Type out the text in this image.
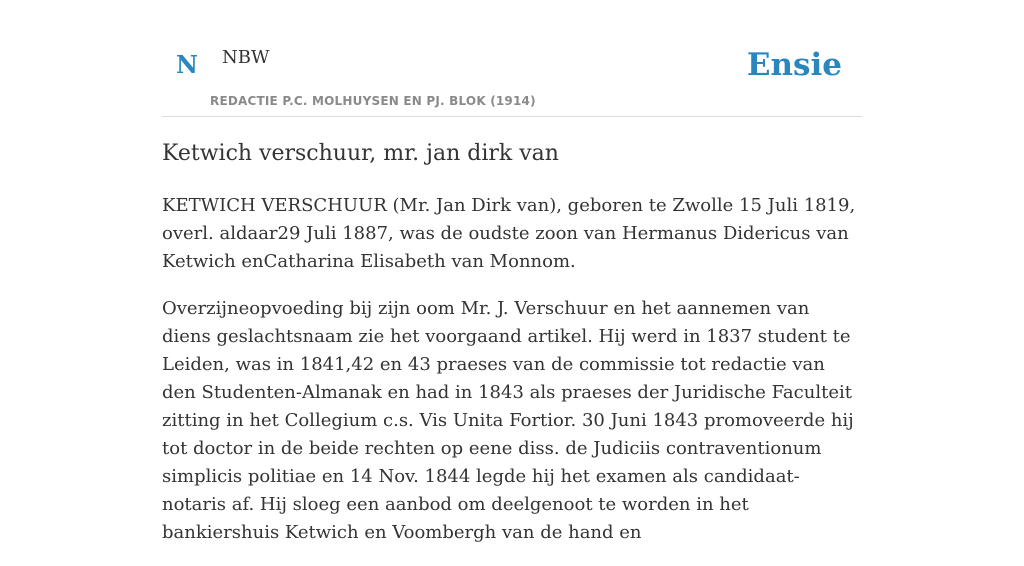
N NBW
REDACTIE P.C. MOLHUYSEN EN PJ. BLOK (1914)
Ensie
Ketwich verschuur, mr. jan dirk van

KETWICH VERSCHUUR (Mr. Jan Dirk van), geboren te Zwolle 15 Juli 1819, overl. aldaar29 Juli 1887, was de oudste zoon van Hermanus Didericus van Ketwich enCatharina Elisabeth van Monnom.

Overzijneopvoeding bij zijn oom Mr. J. Verschuur en het aannemen van diens geslachtsnaam zie het voorgaand artikel. Hij werd in 1837 student te Leiden, was in 1841,42 en 43 praeses van de commissie tot redactie van den Studenten-Almanak en had in 1843 als praeses der Juridische Faculteit zitting in het Collegium c.s. Vis Unita Fortior. 30 Juni 1843 promoveerde hij tot doctor in de beide rechten op eene diss. de Judiciis contraventionum simplicis politiae en 14 Nov. 1844 legde hij het examen als candidaat-notaris af. Hij sloeg een aanbod om deelgenoot te worden in het bankiershuis Ketwich en Voombergh van de hand en
